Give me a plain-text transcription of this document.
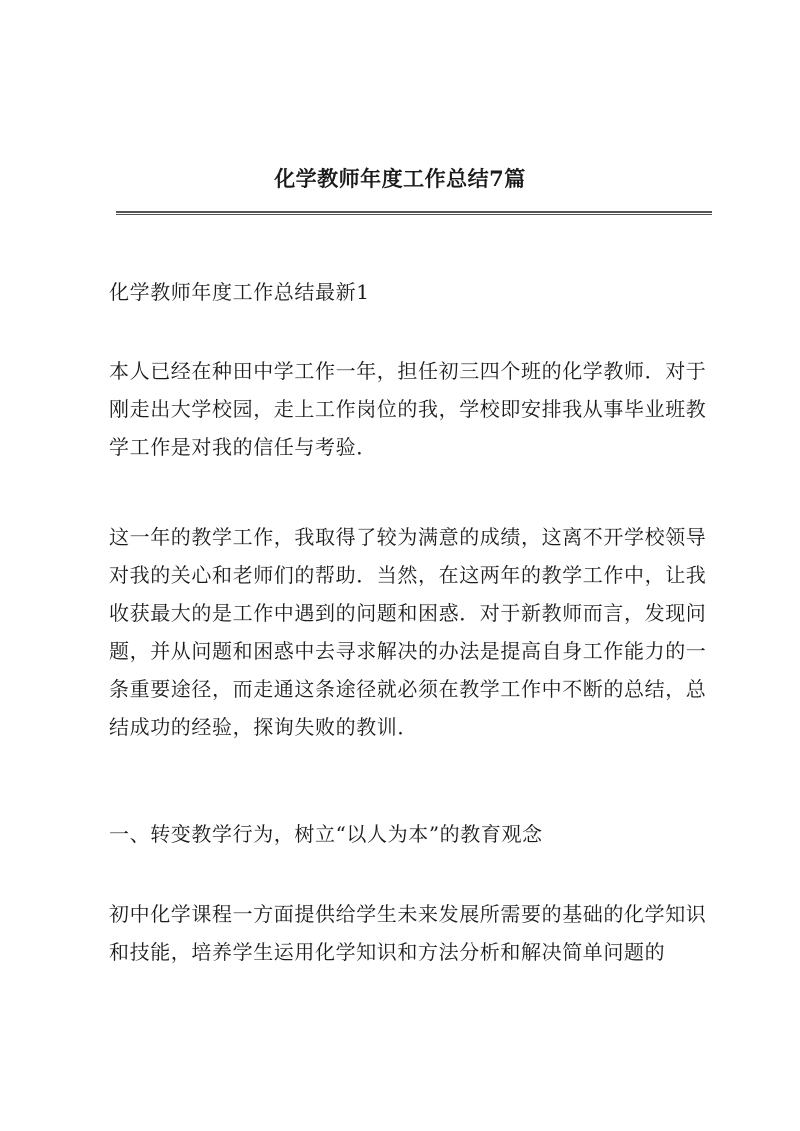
化学教师年度工作总结7篇

化学教师年度工作总结最新1

本人已经在种田中学工作一年，担任初三四个班的化学教师．对于刚走出大学校园，走上工作岗位的我，学校即安排我从事毕业班教学工作是对我的信任与考验．

这一年的教学工作，我取得了较为满意的成绩，这离不开学校领导对我的关心和老师们的帮助．当然，在这两年的教学工作中，让我收获最大的是工作中遇到的问题和困惑．对于新教师而言，发现问题，并从问题和困惑中去寻求解决的办法是提高自身工作能力的一条重要途径，而走通这条途径就必须在教学工作中不断的总结，总结成功的经验，探询失败的教训．

一、转变教学行为，树立“以人为本”的教育观念

初中化学课程一方面提供给学生未来发展所需要的基础的化学知识和技能，培养学生运用化学知识和方法分析和解决简单问题的
